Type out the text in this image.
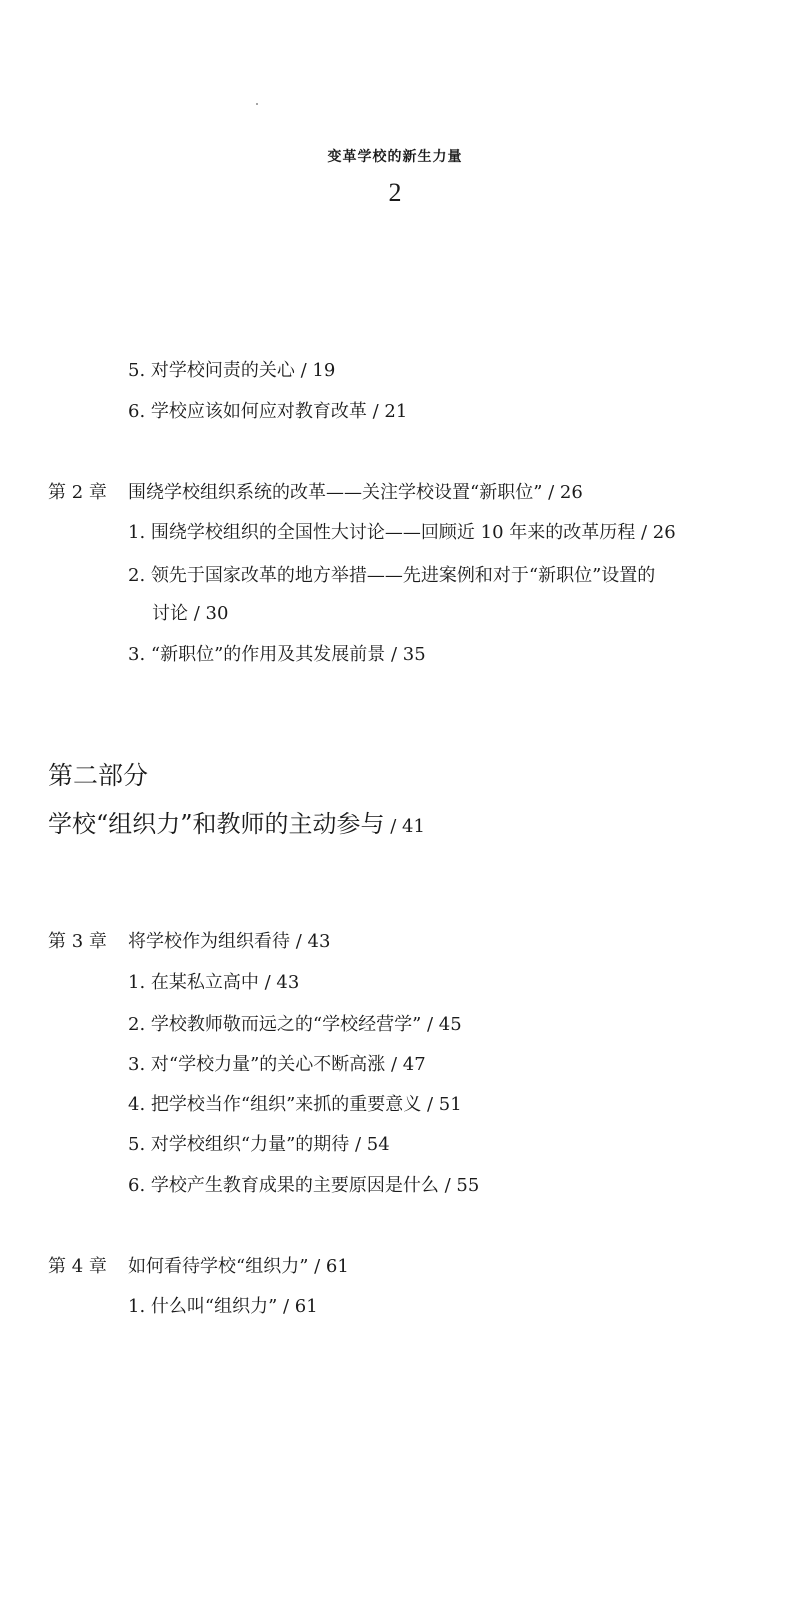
变革学校的新生力量
2
5. 对学校问责的关心 / 19
6. 学校应该如何应对教育改革 / 21
第 2 章 围绕学校组织系统的改革——关注学校设置“新职位” / 26
1. 围绕学校组织的全国性大讨论——回顾近 10 年来的改革历程 / 26
2. 领先于国家改革的地方举措——先进案例和对于“新职位”设置的
讨论 / 30
3. “新职位”的作用及其发展前景 / 35
第二部分
学校“组织力”和教师的主动参与 / 41
第 3 章 将学校作为组织看待 / 43
1. 在某私立高中 / 43
2. 学校教师敬而远之的“学校经营学” / 45
3. 对“学校力量”的关心不断高涨 / 47
4. 把学校当作“组织”来抓的重要意义 / 51
5. 对学校组织“力量”的期待 / 54
6. 学校产生教育成果的主要原因是什么 / 55
第 4 章 如何看待学校“组织力” / 61
1. 什么叫“组织力” / 61
